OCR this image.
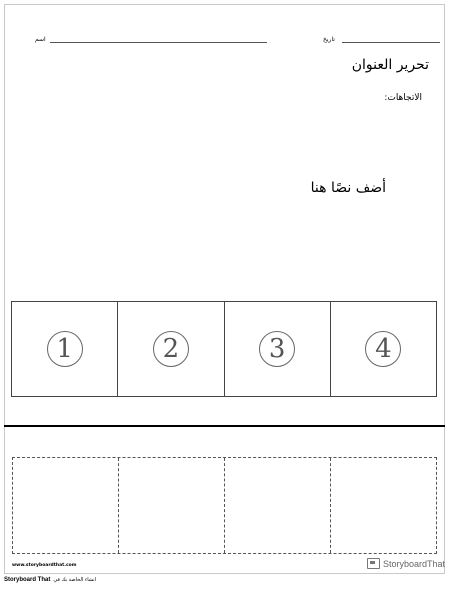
تاريخ
اسم
تحرير العنوان
الاتجاهات:
أضف نصًا هنا
1	2	3	4
www.storyboardthat.com	StoryboardThat
Storyboard That انشاء الخاصة بك في
